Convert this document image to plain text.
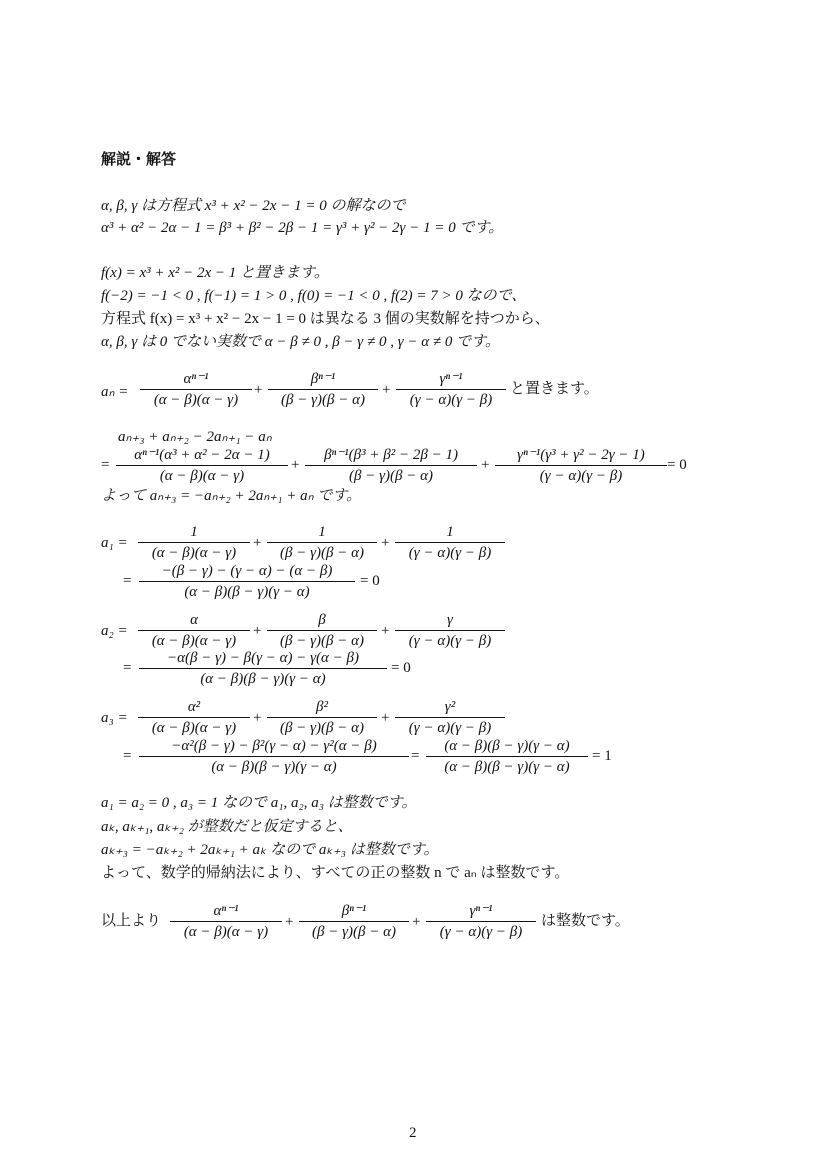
解説・解答
α, β, γ は方程式 x³ + x² − 2x − 1 = 0 の解なので
α³ + α² − 2α − 1 = β³ + β² − 2β − 1 = γ³ + γ² − 2γ − 1 = 0 です。
f(x) = x³ + x² − 2x − 1 と置きます。
f(−2) = −1 < 0 , f(−1) = 1 > 0 , f(0) = −1 < 0 , f(2) = 7 > 0 なので、
方程式 f(x) = x³ + x² − 2x − 1 = 0 は異なる 3 個の実数解を持つから、
α, β, γ は 0 でない実数で α − β ≠ 0 , β − γ ≠ 0 , γ − α ≠ 0 です。
aₙ =
αⁿ⁻¹
(α − β)(α − γ)
+
βⁿ⁻¹
(β − γ)(β − α)
+
γⁿ⁻¹
(γ − α)(γ − β)
と置きます。
aₙ₊₃ + aₙ₊₂ − 2aₙ₊₁ − aₙ
=
αⁿ⁻¹(α³ + α² − 2α − 1)
(α − β)(α − γ)
+
βⁿ⁻¹(β³ + β² − 2β − 1)
(β − γ)(β − α)
+
γⁿ⁻¹(γ³ + γ² − 2γ − 1)
(γ − α)(γ − β)
= 0
よって aₙ₊₃ = −aₙ₊₂ + 2aₙ₊₁ + aₙ です。
a₁ =
1
(α − β)(α − γ)
+
1
(β − γ)(β − α)
+
1
(γ − α)(γ − β)
=
−(β − γ) − (γ − α) − (α − β)
(α − β)(β − γ)(γ − α)
= 0
a₂ =
α
(α − β)(α − γ)
+
β
(β − γ)(β − α)
+
γ
(γ − α)(γ − β)
=
−α(β − γ) − β(γ − α) − γ(α − β)
(α − β)(β − γ)(γ − α)
= 0
a₃ =
α²
(α − β)(α − γ)
+
β²
(β − γ)(β − α)
+
γ²
(γ − α)(γ − β)
=
−α²(β − γ) − β²(γ − α) − γ²(α − β)
(α − β)(β − γ)(γ − α)
=
(α − β)(β − γ)(γ − α)
(α − β)(β − γ)(γ − α)
= 1
a₁ = a₂ = 0 , a₃ = 1 なので a₁, a₂, a₃ は整数です。
aₖ, aₖ₊₁, aₖ₊₂ が整数だと仮定すると、
aₖ₊₃ = −aₖ₊₂ + 2aₖ₊₁ + aₖ なので aₖ₊₃ は整数です。
よって、数学的帰納法により、すべての正の整数 n で aₙ は整数です。
以上より
αⁿ⁻¹
(α − β)(α − γ)
+
βⁿ⁻¹
(β − γ)(β − α)
+
γⁿ⁻¹
(γ − α)(γ − β)
は整数です。
2
